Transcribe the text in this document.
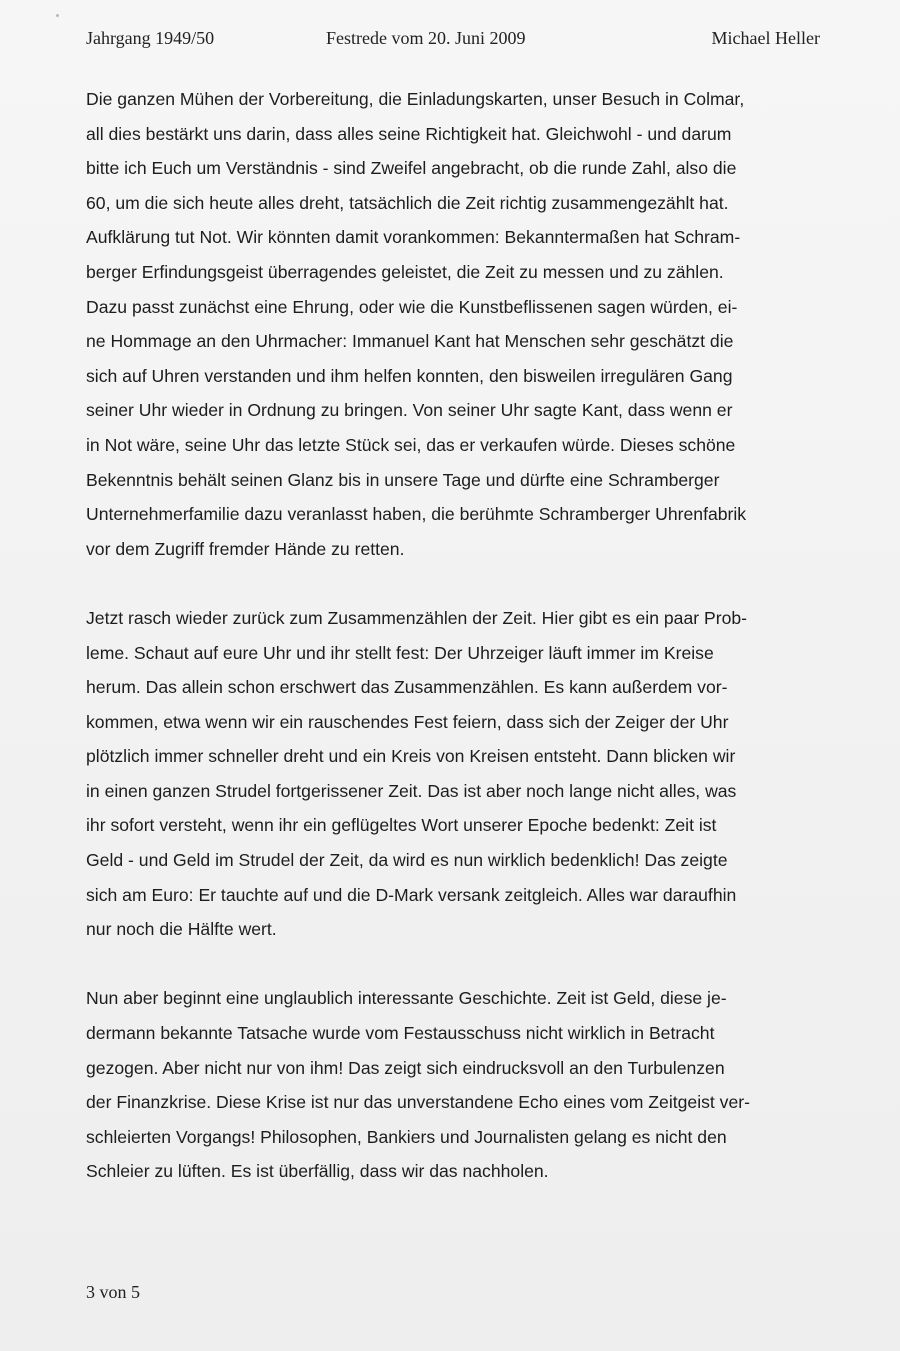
Jahrgang 1949/50	Festrede vom 20. Juni 2009	Michael Heller

Die ganzen Mühen der Vorbereitung, die Einladungskarten, unser Besuch in Colmar,
all dies bestärkt uns darin, dass alles seine Richtigkeit hat. Gleichwohl - und darum
bitte ich Euch um Verständnis - sind Zweifel angebracht, ob die runde Zahl, also die
60, um die sich heute alles dreht, tatsächlich die Zeit richtig zusammengezählt hat.
Aufklärung tut Not. Wir könnten damit vorankommen: Bekanntermaßen hat Schram-
berger Erfindungsgeist überragendes geleistet, die Zeit zu messen und zu zählen.
Dazu passt zunächst eine Ehrung, oder wie die Kunstbeflissenen sagen würden, ei-
ne Hommage an den Uhrmacher: Immanuel Kant hat Menschen sehr geschätzt die
sich auf Uhren verstanden und ihm helfen konnten, den bisweilen irregulären Gang
seiner Uhr wieder in Ordnung zu bringen. Von seiner Uhr sagte Kant, dass wenn er
in Not wäre, seine Uhr das letzte Stück sei, das er verkaufen würde. Dieses schöne
Bekenntnis behält seinen Glanz bis in unsere Tage und dürfte eine Schramberger
Unternehmerfamilie dazu veranlasst haben, die berühmte Schramberger Uhrenfabrik
vor dem Zugriff fremder Hände zu retten.

Jetzt rasch wieder zurück zum Zusammenzählen der Zeit. Hier gibt es ein paar Prob-
leme. Schaut auf eure Uhr und ihr stellt fest: Der Uhrzeiger läuft immer im Kreise
herum. Das allein schon erschwert das Zusammenzählen. Es kann außerdem vor-
kommen, etwa wenn wir ein rauschendes Fest feiern, dass sich der Zeiger der Uhr
plötzlich immer schneller dreht und ein Kreis von Kreisen entsteht. Dann blicken wir
in einen ganzen Strudel fortgerissener Zeit. Das ist aber noch lange nicht alles, was
ihr sofort versteht, wenn ihr ein geflügeltes Wort unserer Epoche bedenkt: Zeit ist
Geld - und Geld im Strudel der Zeit, da wird es nun wirklich bedenklich! Das zeigte
sich am Euro: Er tauchte auf und die D-Mark versank zeitgleich. Alles war daraufhin
nur noch die Hälfte wert.

Nun aber beginnt eine unglaublich interessante Geschichte. Zeit ist Geld, diese je-
dermann bekannte Tatsache wurde vom Festausschuss nicht wirklich in Betracht
gezogen. Aber nicht nur von ihm! Das zeigt sich eindrucksvoll an den Turbulenzen
der Finanzkrise. Diese Krise ist nur das unverstandene Echo eines vom Zeitgeist ver-
schleierten Vorgangs! Philosophen, Bankiers und Journalisten gelang es nicht den
Schleier zu lüften. Es ist überfällig, dass wir das nachholen.

3 von 5
